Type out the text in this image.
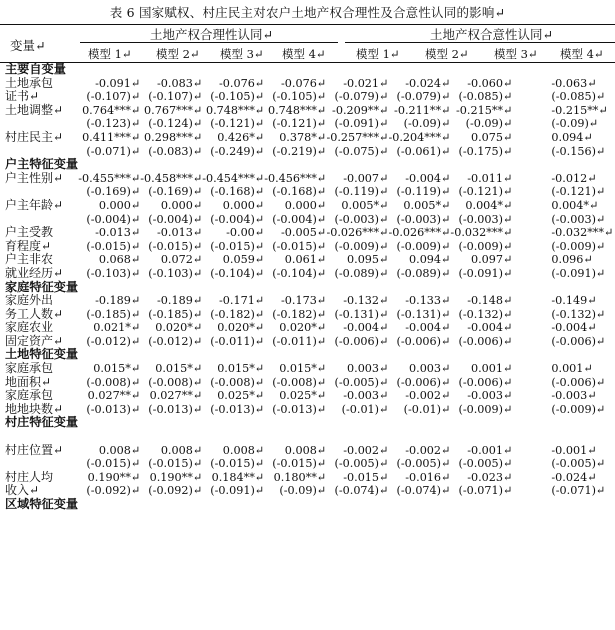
表 6 国家赋权、村庄民主对农户土地产权合理性及合意性认同的影响↵
变量↵
土地产权合理性认同↵	土地产权合意性认同↵
模型 1↵ 模型 2↵ 模型 3↵ 模型 4↵	模型 1↵ 模型 2↵ 模型 3↵ 模型 4↵
主要自变量								
土地承包	-0.091↵	-0.083↵	-0.076↵	-0.076↵	-0.021↵	-0.024↵	-0.060↵	-0.063↵
证书↵	(-0.107)↵	(-0.107)↵	(-0.105)↵	(-0.105)↵	(-0.079)↵	(-0.079)↵	(-0.085)↵	(-0.085)↵
土地调整↵	0.764***↵	0.767***↵	0.748***↵	0.748***↵	-0.209**↵	-0.211**↵	-0.215**↵	-0.215**↵
	(-0.123)↵	(-0.124)↵	(-0.121)↵	(-0.121)↵	(-0.091)↵	(-0.09)↵	(-0.09)↵	(-0.09)↵
村庄民主↵	0.411***↵	0.298***↵	0.426*↵	0.378*↵	-0.257***↵	-0.204***↵	0.075↵	0.094↵
	(-0.071)↵	(-0.083)↵	(-0.249)↵	(-0.219)↵	(-0.075)↵	(-0.061)↵	(-0.175)↵	(-0.156)↵
户主特征变量								
户主性别↵	-0.455***↵	-0.458***↵	-0.454***↵	-0.456***↵	-0.007↵	-0.004↵	-0.011↵	-0.012↵
	(-0.169)↵	(-0.169)↵	(-0.168)↵	(-0.168)↵	(-0.119)↵	(-0.119)↵	(-0.121)↵	(-0.121)↵
户主年龄↵	0.000↵	0.000↵	0.000↵	0.000↵	0.005*↵	0.005*↵	0.004*↵	0.004*↵
	(-0.004)↵	(-0.004)↵	(-0.004)↵	(-0.004)↵	(-0.003)↵	(-0.003)↵	(-0.003)↵	(-0.003)↵
户主受教	-0.013↵	-0.013↵	-0.00↵	-0.005↵	-0.026***↵	-0.026***↵	-0.032***↵	-0.032***↵
育程度↵	(-0.015)↵	(-0.015)↵	(-0.015)↵	(-0.015)↵	(-0.009)↵	(-0.009)↵	(-0.009)↵	(-0.009)↵
户主非农	0.068↵	0.072↵	0.059↵	0.061↵	0.095↵	0.094↵	0.097↵	0.096↵
就业经历↵	(-0.103)↵	(-0.103)↵	(-0.104)↵	(-0.104)↵	(-0.089)↵	(-0.089)↵	(-0.091)↵	(-0.091)↵
家庭特征变量								
家庭外出	-0.189↵	-0.189↵	-0.171↵	-0.173↵	-0.132↵	-0.133↵	-0.148↵	-0.149↵
务工人数↵	(-0.185)↵	(-0.185)↵	(-0.182)↵	(-0.182)↵	(-0.131)↵	(-0.131)↵	(-0.132)↵	(-0.132)↵
家庭农业	0.021*↵	0.020*↵	0.020*↵	0.020*↵	-0.004↵	-0.004↵	-0.004↵	-0.004↵
固定资产↵	(-0.012)↵	(-0.012)↵	(-0.011)↵	(-0.011)↵	(-0.006)↵	(-0.006)↵	(-0.006)↵	(-0.006)↵
土地特征变量								
家庭承包	0.015*↵	0.015*↵	0.015*↵	0.015*↵	0.003↵	0.003↵	0.001↵	0.001↵
地面积↵	(-0.008)↵	(-0.008)↵	(-0.008)↵	(-0.008)↵	(-0.005)↵	(-0.006)↵	(-0.006)↵	(-0.006)↵
家庭承包	0.027**↵	0.027**↵	0.025*↵	0.025*↵	-0.003↵	-0.002↵	-0.003↵	-0.003↵
地地块数↵	(-0.013)↵	(-0.013)↵	(-0.013)↵	(-0.013)↵	(-0.01)↵	(-0.01)↵	(-0.009)↵	(-0.009)↵
村庄特征变量								

村庄位置↵	0.008↵	0.008↵	0.008↵	0.008↵	-0.002↵	-0.002↵	-0.001↵	-0.001↵
	(-0.015)↵	(-0.015)↵	(-0.015)↵	(-0.015)↵	(-0.005)↵	(-0.005)↵	(-0.005)↵	(-0.005)↵
村庄人均	0.190**↵	0.190**↵	0.184**↵	0.180**↵	-0.015↵	-0.016↵	-0.023↵	-0.024↵
收入↵	(-0.092)↵	(-0.092)↵	(-0.091)↵	(-0.09)↵	(-0.074)↵	(-0.074)↵	(-0.071)↵	(-0.071)↵
区域特征变量								
